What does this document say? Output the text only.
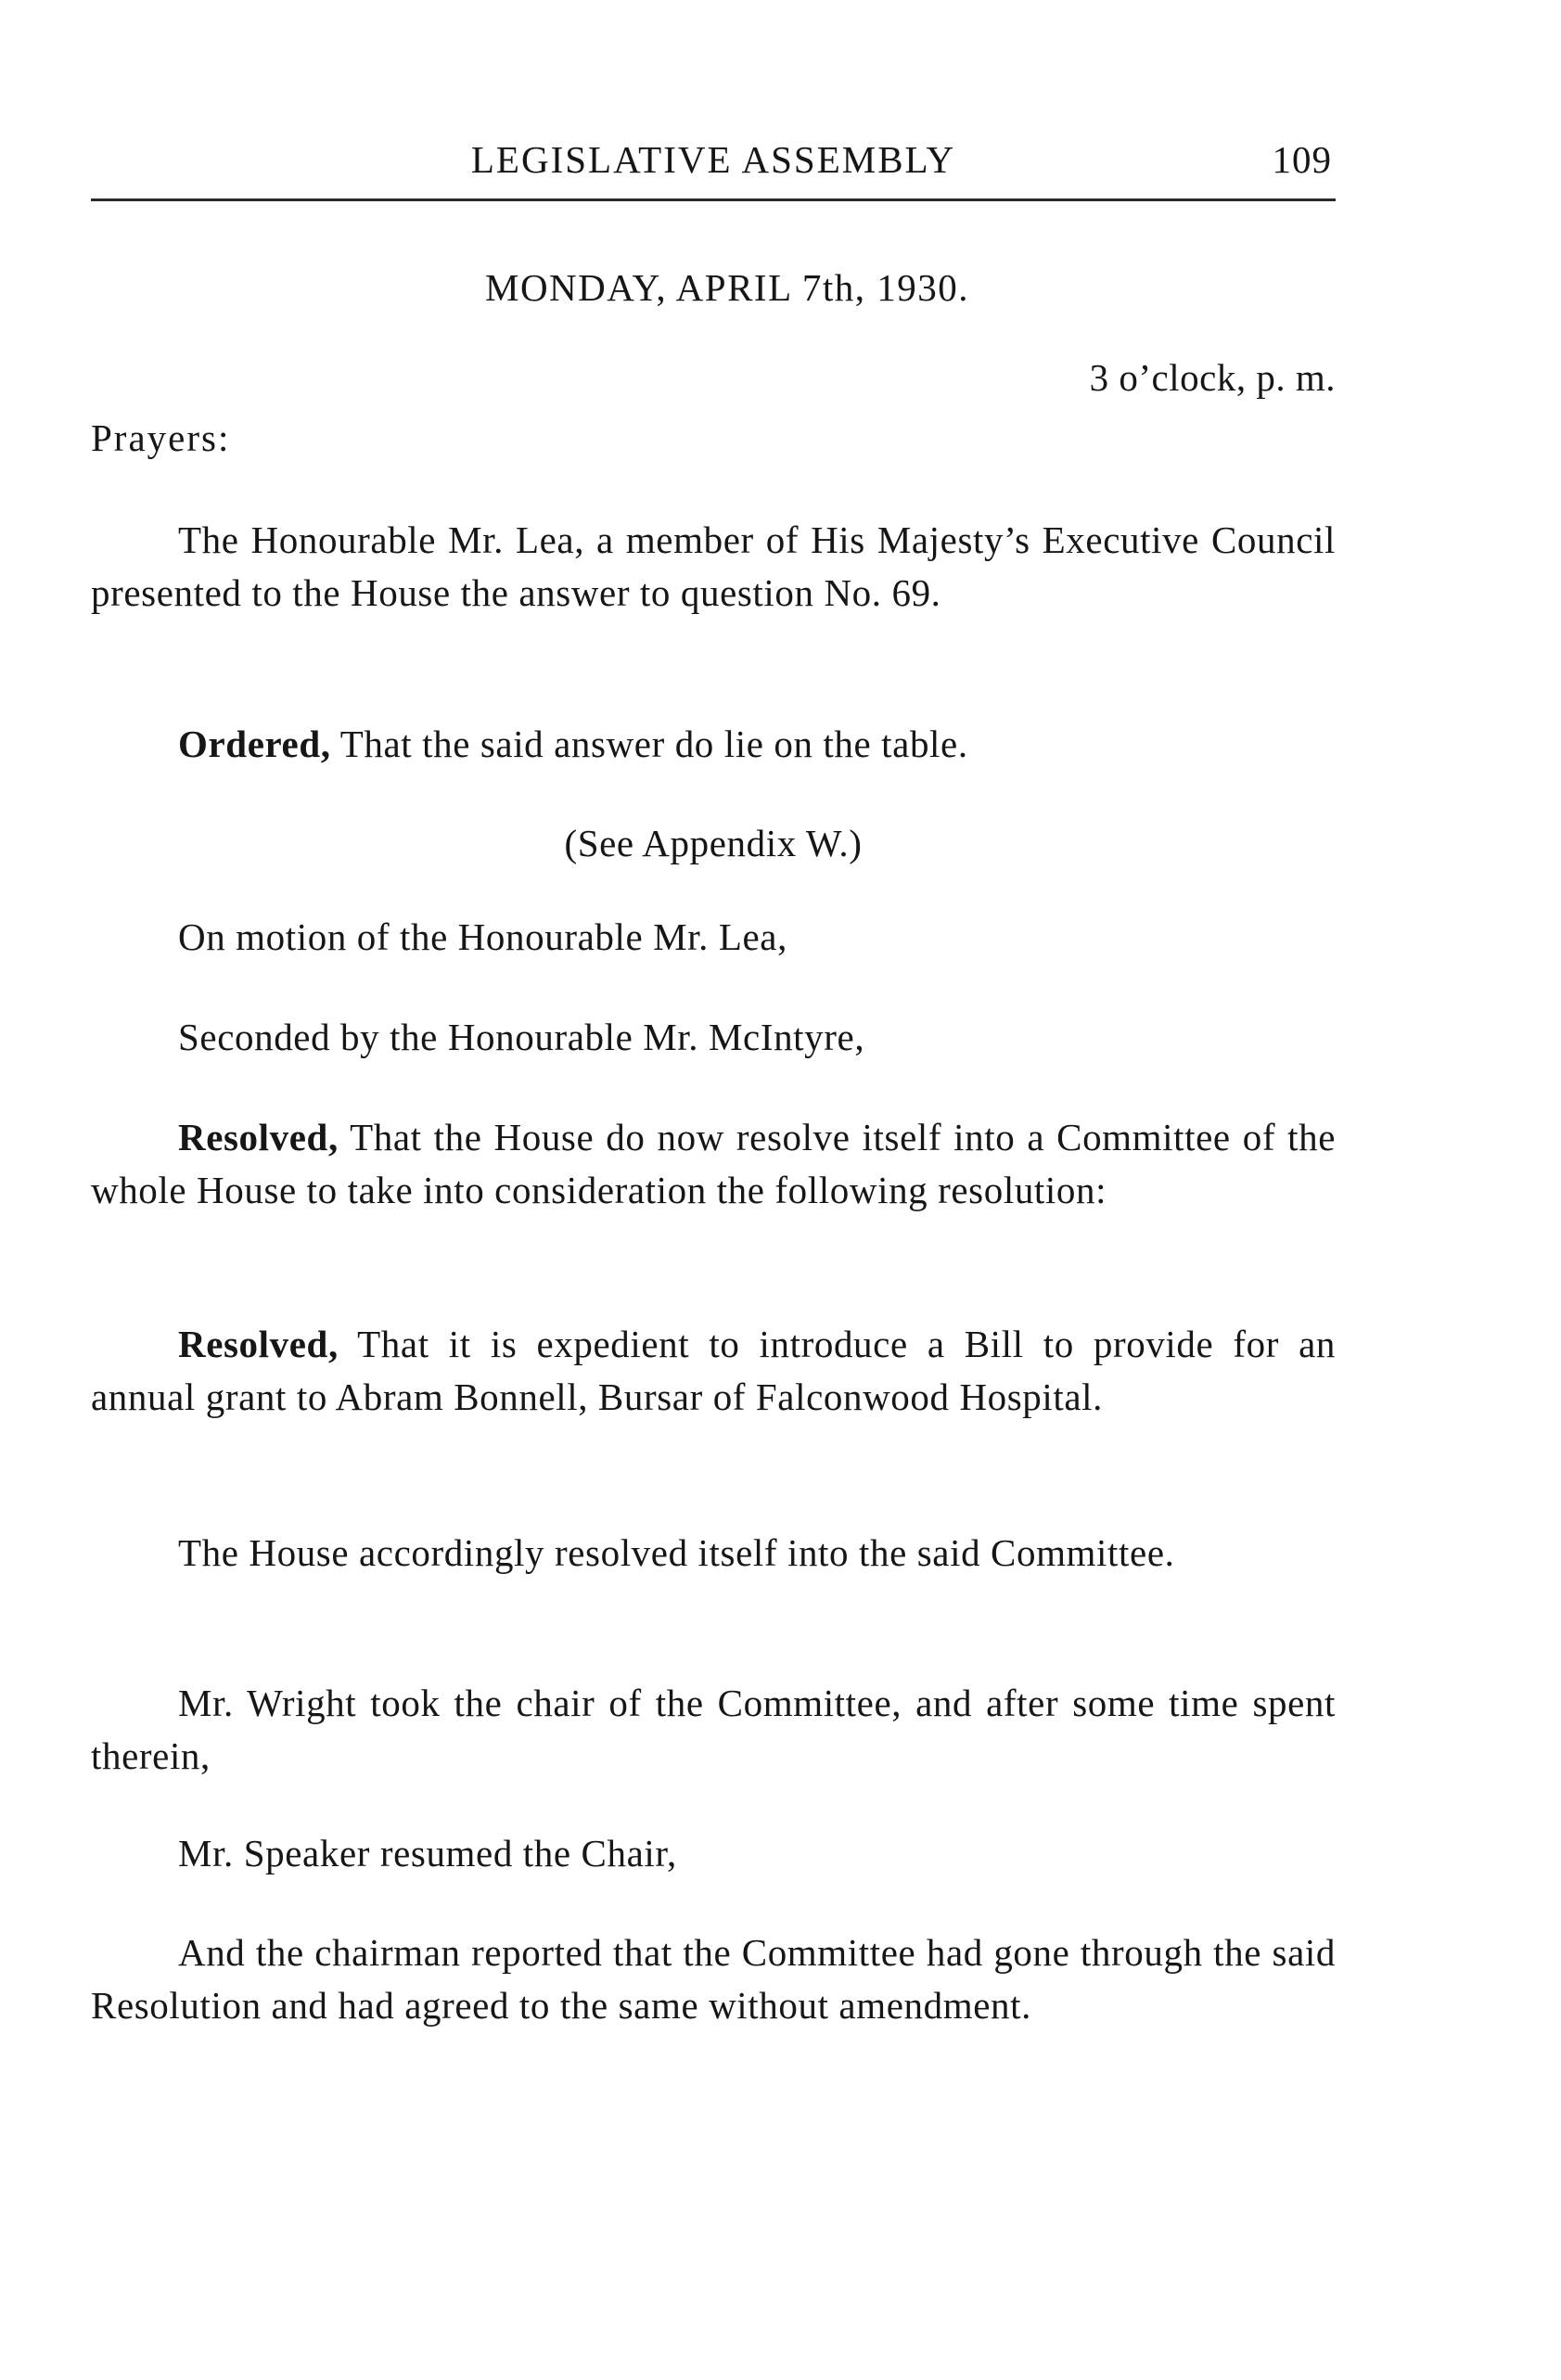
LEGISLATIVE ASSEMBLY	109
MONDAY, APRIL 7th, 1930.
3 o’clock, p. m.
Prayers:

The Honourable Mr. Lea, a member of His Majesty’s Executive Council presented to the House the answer to question No. 69.

Ordered, That the said answer do lie on the table.

(See Appendix W.)

On motion of the Honourable Mr. Lea,

Seconded by the Honourable Mr. McIntyre,

Resolved, That the House do now resolve itself into a Committee of the whole House to take into consideration the following resolution:

Resolved, That it is expedient to introduce a Bill to provide for an annual grant to Abram Bonnell, Bursar of Falconwood Hospital.

The House accordingly resolved itself into the said Committee.

Mr. Wright took the chair of the Committee, and after some time spent therein,

Mr. Speaker resumed the Chair,

And the chairman reported that the Committee had gone through the said Resolution and had agreed to the same without amendment.
